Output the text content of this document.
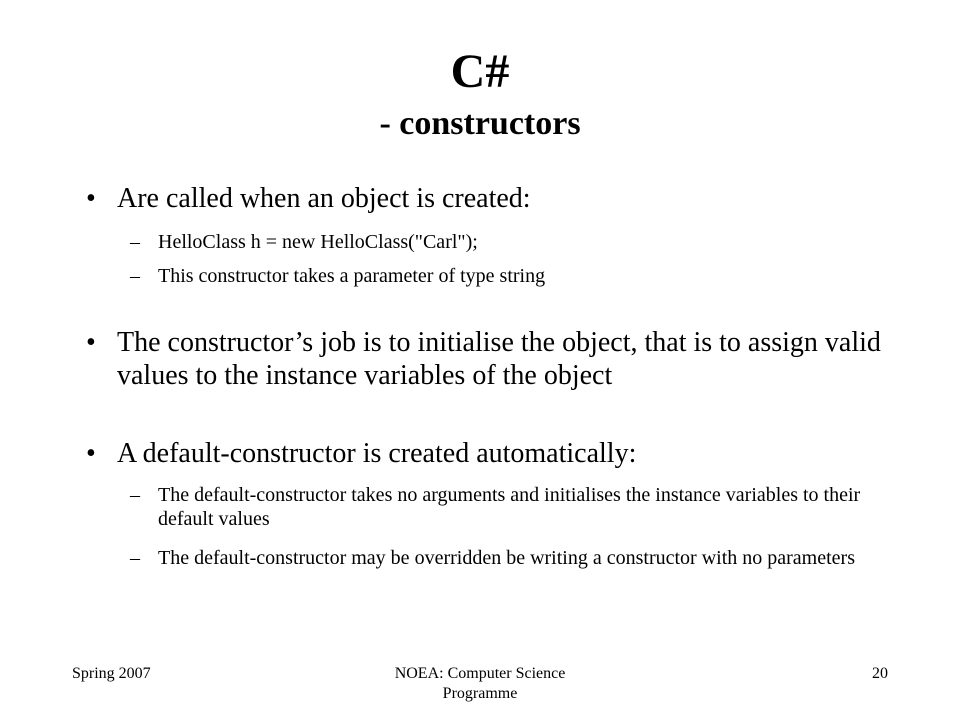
C#
- constructors
• Are called when an object is created:
– HelloClass h = new HelloClass("Carl");
– This constructor takes a parameter of type string
• The constructor’s job is to initialise the object, that is to assign valid values to the instance variables of the object
• A default-constructor is created automatically:
– The default-constructor takes no arguments and initialises the instance variables to their default values
– The default-constructor may be overridden be writing a constructor with no parameters
Spring 2007	NOEA: Computer Science Programme
20
